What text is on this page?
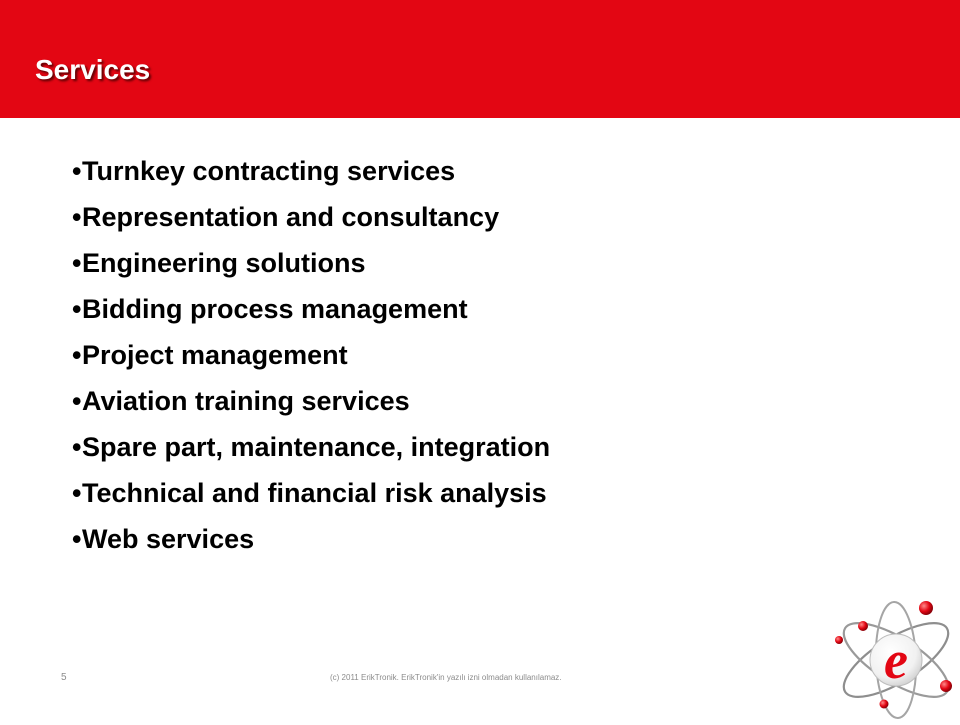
Services
•Turnkey contracting services
•Representation and consultancy
•Engineering solutions
•Bidding process management
•Project management
•Aviation training services
•Spare part, maintenance, integration
•Technical and financial risk analysis
•Web services
5	(c) 2011 ErikTronik. ErikTronik'in yazılı izni olmadan kullanılamaz.	e
